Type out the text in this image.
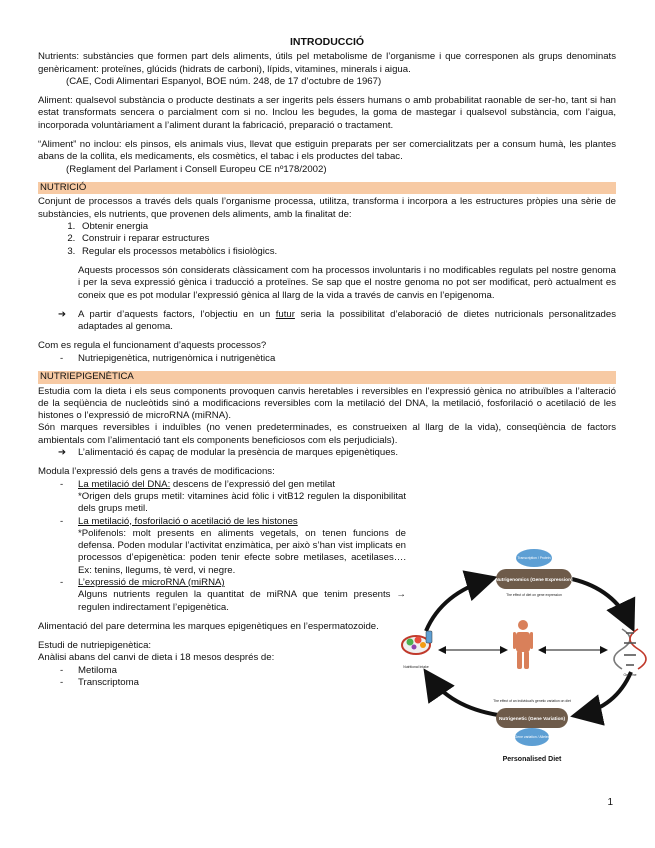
INTRODUCCIÓ

Nutrients: substàncies que formen part dels aliments, útils pel metabolisme de l’organisme i que corresponen als grups denominats genèricament: proteïnes, glúcids (hidrats de carboni), lípids, vitamines, minerals i aigua.

(CAE, Codi Alimentari Espanyol, BOE núm. 248, de 17 d’octubre de 1967)

Aliment: qualsevol substància o producte destinats a ser ingerits pels éssers humans o amb probabilitat raonable de ser-ho, tant si han estat transformats sencera o parcialment com si no. Inclou les begudes, la goma de mastegar i qualsevol substància, com l’aigua, incorporada voluntàriament a l’aliment durant la fabricació, preparació o tractament.

“Aliment” no inclou: els pinsos, els animals vius, llevat que estiguin preparats per ser comercialitzats per a consum humà, les plantes abans de la collita, els medicaments, els cosmètics, el tabac i els productes del tabac.

(Reglament del Parlament i Consell Europeu CE nº178/2002)

NUTRICIÓ

Conjunt de processos a través dels quals l’organisme processa, utilitza, transforma i incorpora a les estructures pròpies una sèrie de substàncies, els nutrients, que provenen dels aliments, amb la finalitat de:

1. Obtenir energia
2. Construir i reparar estructures
3. Regular els processos metabòlics i fisiològics.

Aquests processos són considerats clàssicament com ha processos involuntaris i no modificables regulats pel nostre genoma i per la seva expressió gènica i traducció a proteïnes. Se sap que el nostre genoma no pot ser modificat, però actualment es coneix que es pot modular l’expressió gènica al llarg de la vida a través de canvis en l’epigenoma.

➔ A partir d’aquests factors, l’objectiu en un futur seria la possibilitat d’elaboració de dietes nutricionals personalitzades adaptades al genoma.

Com es regula el funcionament d’aquests processos?

- Nutriepigenètica, nutrigenòmica i nutrigenètica
NUTRIEPIGENÈTICA

Estudia com la dieta i els seus components provoquen canvis heretables i reversibles en l’expressió gènica no atribuïbles a l’alteració de la seqüència de nucleòtids sinó a modificacions reversibles com la metilació del DNA, la metilació, fosforilació o acetilació de les histones o l’expressió de microRNA (miRNA).

Són marques reversibles i induïbles (no venen predeterminades, es construeixen al llarg de la vida), conseqüència de factors ambientals com l’alimentació tant els components beneficiosos com els perjudicials).

➔ L’alimentació és capaç de modular la presència de marques epigenètiques.

Modula l’expressió dels gens a través de modificacions:

- La metilació del DNA: descens de l’expressió del gen metilat

*Origen dels grups metil: vitamines àcid fòlic i vitB12 regulen la disponibilitat dels grups metil.

- La metilació, fosforilació o acetilació de les histones

*Polifenols: molt presents en aliments vegetals, on tenen funcions de defensa. Poden modular l’activitat enzimàtica, per això s’han vist implicats en processos d’epigenètica: poden tenir efecte sobre metilases, acetilases…. Ex: tenins, llegums, tè verd, vi negre.

- L’expressió de microRNA (miRNA)

Alguns nutrients regulen la quantitat de miRNA que tenim presents → regulen indirectament l’epigenètica.

Alimentació del pare determina les marques epigenètiques en l’espermatozoide.

Estudi de nutriepigenètica:

Anàlisi abans del canvi de dieta i 18 mesos després de:

- Metiloma
- Transcriptoma
Transcription / Protein
Nutrigenomics (Gene Expression)
The effect of diet on gene expression
Nutritional Intake
Genome
The effect of an individual’s genetic variation on diet
Nutrigenetic (Gene Variation)
Gene variation / Alleles
Personalised Diet
1
